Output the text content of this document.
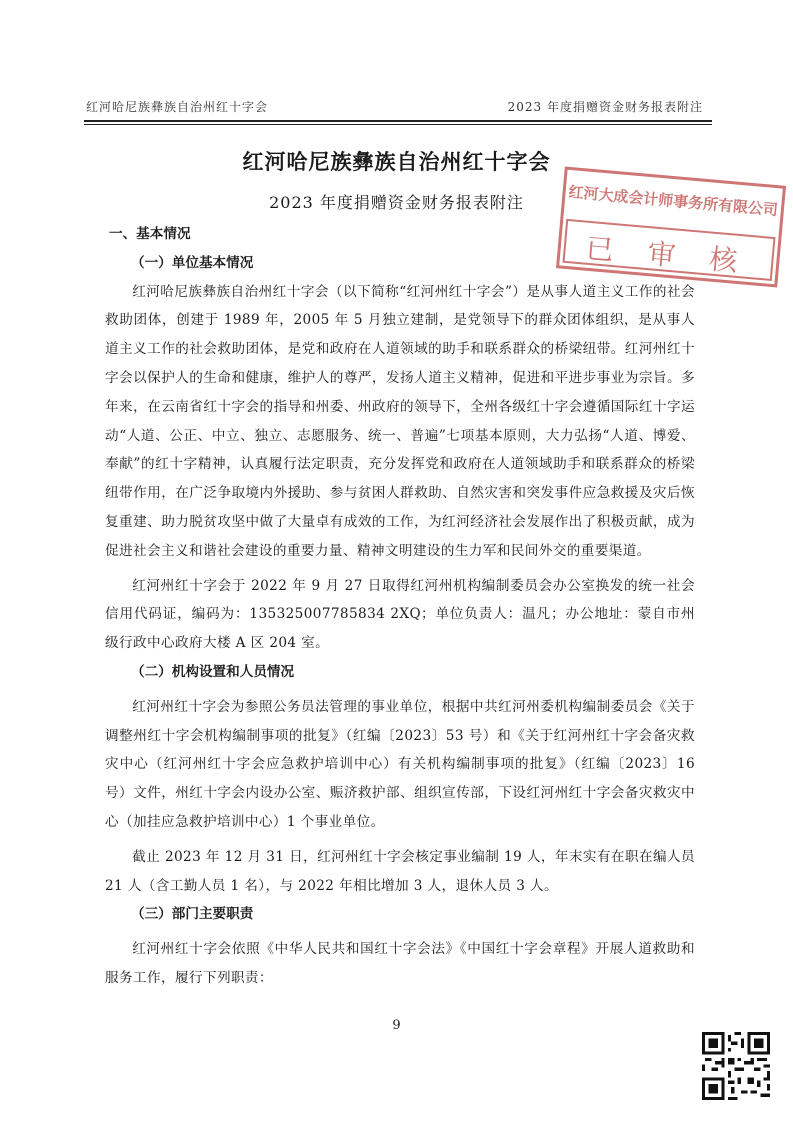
红河哈尼族彝族自治州红十字会	2023 年度捐赠资金财务报表附注
红河哈尼族彝族自治州红十字会
2023 年度捐赠资金财务报表附注	红河大成会计师事务所有限公司
已审核

一、基本情况

（一）单位基本情况

红河哈尼族彝族自治州红十字会（以下简称“红河州红十字会”）是从事人道主义工作的社会救助团体，创建于 1989 年，2005 年 5 月独立建制，是党领导下的群众团体组织，是从事人道主义工作的社会救助团体，是党和政府在人道领域的助手和联系群众的桥梁纽带。红河州红十字会以保护人的生命和健康，维护人的尊严，发扬人道主义精神，促进和平进步事业为宗旨。多年来，在云南省红十字会的指导和州委、州政府的领导下，全州各级红十字会遵循国际红十字运动“人道、公正、中立、独立、志愿服务、统一、普遍”七项基本原则，大力弘扬“人道、博爱、奉献”的红十字精神，认真履行法定职责，充分发挥党和政府在人道领域助手和联系群众的桥梁纽带作用，在广泛争取境内外援助、参与贫困人群救助、自然灾害和突发事件应急救援及灾后恢复重建、助力脱贫攻坚中做了大量卓有成效的工作，为红河经济社会发展作出了积极贡献，成为促进社会主义和谐社会建设的重要力量、精神文明建设的生力军和民间外交的重要渠道。

红河州红十字会于 2022 年 9 月 27 日取得红河州机构编制委员会办公室换发的统一社会信用代码证，编码为：135325007785834 2XQ；单位负责人：温凡；办公地址：蒙自市州级行政中心政府大楼 A 区 204 室。

（二）机构设置和人员情况

红河州红十字会为参照公务员法管理的事业单位，根据中共红河州委机构编制委员会《关于调整州红十字会机构编制事项的批复》（红编〔2023〕53 号）和《关于红河州红十字会备灾救灾中心（红河州红十字会应急救护培训中心）有关机构编制事项的批复》（红编〔2023〕16 号）文件，州红十字会内设办公室、赈济救护部、组织宣传部，下设红河州红十字会备灾救灾中心（加挂应急救护培训中心）1 个事业单位。

截止 2023 年 12 月 31 日，红河州红十字会核定事业编制 19 人，年末实有在职在编人员 21 人（含工勤人员 1 名），与 2022 年相比增加 3 人，退休人员 3 人。

（三）部门主要职责

红河州红十字会依照《中华人民共和国红十字会法》《中国红十字会章程》开展人道救助和服务工作，履行下列职责：

9
